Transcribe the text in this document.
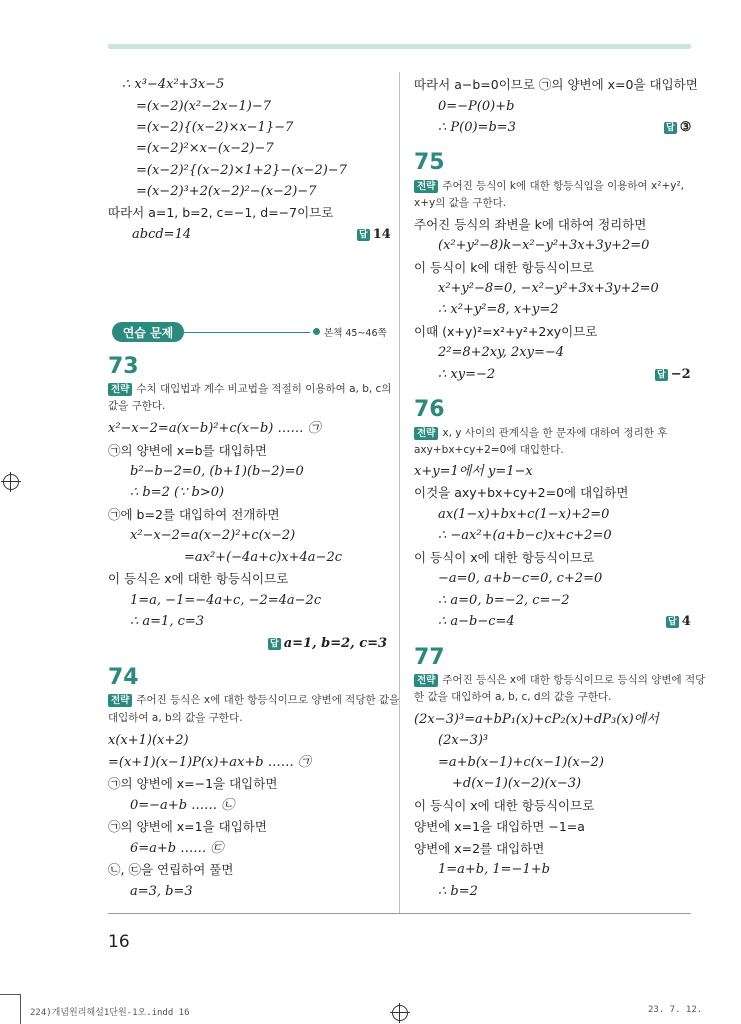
∴ x³−4x²+3x−5
=(x−2)(x²−2x−1)−7
=(x−2){(x−2)×x−1}−7
=(x−2)²×x−(x−2)−7
=(x−2)²{(x−2)×1+2}−(x−2)−7
=(x−2)³+2(x−2)²−(x−2)−7
따라서 a=1, b=2, c=−1, d=−7이므로
abcd=14	답 14
연습 문제	본책 45~46쪽
73
전략 수치 대입법과 계수 비교법을 적절히 이용하여 a, b, c의
값을 구한다.
x²−x−2=a(x−b)²+c(x−b) …… ㉠
㉠의 양변에 x=b를 대입하면
b²−b−2=0, (b+1)(b−2)=0
∴ b=2 (∵ b>0)
㉠에 b=2를 대입하여 전개하면
x²−x−2=a(x−2)²+c(x−2)
=ax²+(−4a+c)x+4a−2c
이 등식은 x에 대한 항등식이므로
1=a, −1=−4a+c, −2=4a−2c
∴ a=1, c=3
답 a=1, b=2, c=3
74
전략 주어진 등식은 x에 대한 항등식이므로 양변에 적당한 값을
대입하여 a, b의 값을 구한다.
x(x+1)(x+2)
=(x+1)(x−1)P(x)+ax+b …… ㉠
㉠의 양변에 x=−1을 대입하면
0=−a+b …… ㉡
㉠의 양변에 x=1을 대입하면
6=a+b …… ㉢
㉡, ㉢을 연립하여 풀면
a=3, b=3
따라서 a−b=0이므로 ㉠의 양변에 x=0을 대입하면
0=−P(0)+b
∴ P(0)=b=3	답 ③
75
전략 주어진 등식이 k에 대한 항등식임을 이용하여 x²+y²,
x+y의 값을 구한다.
주어진 등식의 좌변을 k에 대하여 정리하면
(x²+y²−8)k−x²−y²+3x+3y+2=0
이 등식이 k에 대한 항등식이므로
x²+y²−8=0, −x²−y²+3x+3y+2=0
∴ x²+y²=8, x+y=2
이때 (x+y)²=x²+y²+2xy이므로
2²=8+2xy, 2xy=−4
∴ xy=−2	답 −2
76
전략 x, y 사이의 관계식을 한 문자에 대하여 정리한 후
axy+bx+cy+2=0에 대입한다.
x+y=1에서 y=1−x
이것을 axy+bx+cy+2=0에 대입하면
ax(1−x)+bx+c(1−x)+2=0
∴ −ax²+(a+b−c)x+c+2=0
이 등식이 x에 대한 항등식이므로
−a=0, a+b−c=0, c+2=0
∴ a=0, b=−2, c=−2
∴ a−b−c=4	답 4
77
전략 주어진 등식은 x에 대한 항등식이므로 등식의 양변에 적당
한 값을 대입하여 a, b, c, d의 값을 구한다.
(2x−3)³=a+bP₁(x)+cP₂(x)+dP₃(x)에서
(2x−3)³
=a+b(x−1)+c(x−1)(x−2)
+d(x−1)(x−2)(x−3)
이 등식이 x에 대한 항등식이므로
양변에 x=1을 대입하면 −1=a
양변에 x=2를 대입하면
1=a+b, 1=−1+b
∴ b=2
16
224)개념원리해설1단원-1오.indd 16	23. 7. 12.
